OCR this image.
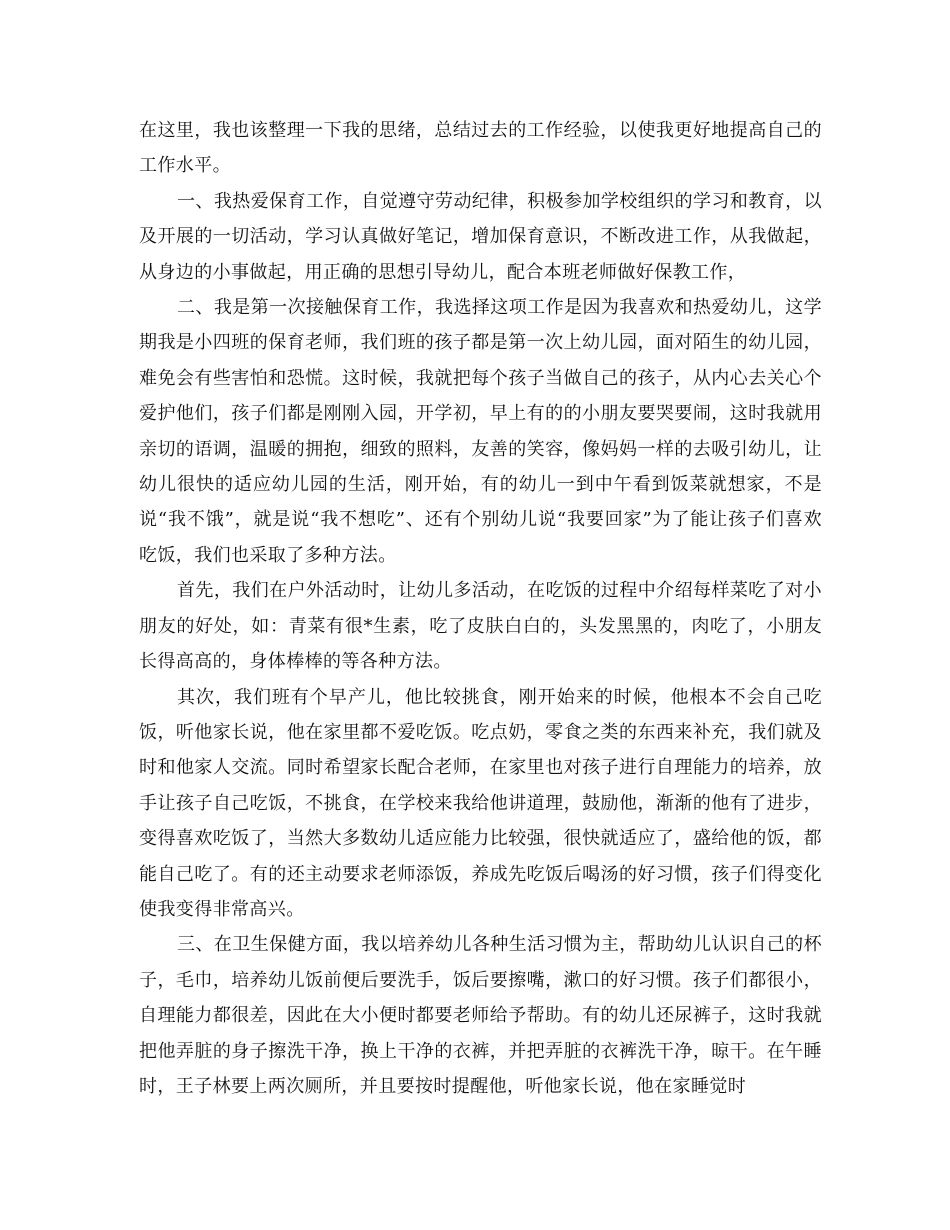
在这里，我也该整理一下我的思绪，总结过去的工作经验，以使我更好地提高自己的工作水平。

一、我热爱保育工作，自觉遵守劳动纪律，积极参加学校组织的学习和教育，以及开展的一切活动，学习认真做好笔记，增加保育意识，不断改进工作，从我做起，从身边的小事做起，用正确的思想引导幼儿，配合本班老师做好保教工作，

二、我是第一次接触保育工作，我选择这项工作是因为我喜欢和热爱幼儿，这学期我是小四班的保育老师，我们班的孩子都是第一次上幼儿园，面对陌生的幼儿园，难免会有些害怕和恐慌。这时候，我就把每个孩子当做自己的孩子，从内心去关心个爱护他们，孩子们都是刚刚入园，开学初，早上有的的小朋友要哭要闹，这时我就用亲切的语调，温暖的拥抱，细致的照料，友善的笑容，像妈妈一样的去吸引幼儿，让幼儿很快的适应幼儿园的生活，刚开始，有的幼儿一到中午看到饭菜就想家，不是说“我不饿”，就是说“我不想吃”、还有个别幼儿说“我要回家”为了能让孩子们喜欢吃饭，我们也采取了多种方法。

首先，我们在户外活动时，让幼儿多活动，在吃饭的过程中介绍每样菜吃了对小朋友的好处，如：青菜有很*生素，吃了皮肤白白的，头发黑黑的，肉吃了，小朋友长得高高的，身体棒棒的等各种方法。

其次，我们班有个早产儿，他比较挑食，刚开始来的时候，他根本不会自己吃饭，听他家长说，他在家里都不爱吃饭。吃点奶，零食之类的东西来补充，我们就及时和他家人交流。同时希望家长配合老师，在家里也对孩子进行自理能力的培养，放手让孩子自己吃饭，不挑食，在学校来我给他讲道理，鼓励他，渐渐的他有了进步，变得喜欢吃饭了，当然大多数幼儿适应能力比较强，很快就适应了，盛给他的饭，都能自己吃了。有的还主动要求老师添饭，养成先吃饭后喝汤的好习惯，孩子们得变化使我变得非常高兴。

三、在卫生保健方面，我以培养幼儿各种生活习惯为主，帮助幼儿认识自己的杯子，毛巾，培养幼儿饭前便后要洗手，饭后要擦嘴，漱口的好习惯。孩子们都很小，自理能力都很差，因此在大小便时都要老师给予帮助。有的幼儿还尿裤子，这时我就把他弄脏的身子擦洗干净，换上干净的衣裤，并把弄脏的衣裤洗干净，晾干。在午睡时，王子林要上两次厕所，并且要按时提醒他，听他家长说，他在家睡觉时
